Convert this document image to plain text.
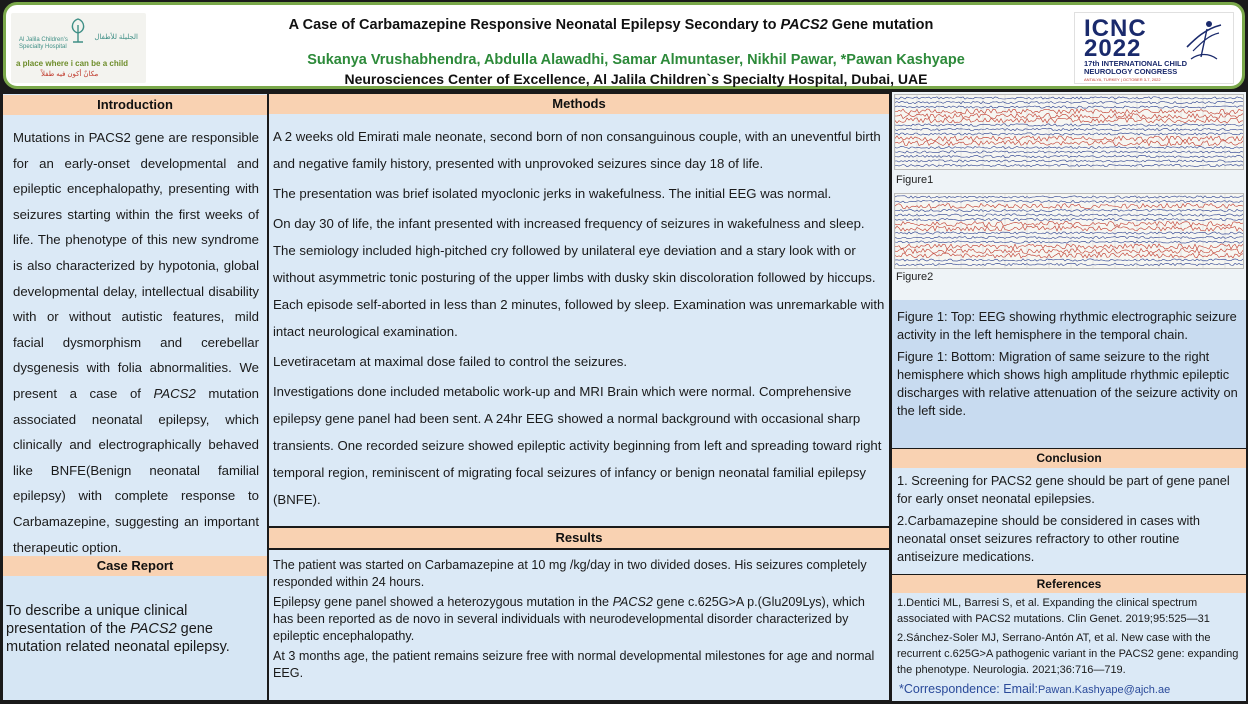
الجليلة للأطفال
Al Jalila Children's Specialty Hospital
a place where i can be a child
مكانٌ أكون فيه طفلاً
A Case of Carbamazepine Responsive Neonatal Epilepsy Secondary to PACS2 Gene mutation
Sukanya Vrushabhendra, Abdulla Alawadhi, Samar Almuntaser, Nikhil Pawar, *Pawan Kashyape
Neurosciences Center of Excellence, Al Jalila Children`s Specialty Hospital, Dubai, UAE
ICNC
2022
17th INTERNATIONAL CHILD NEUROLOGY CONGRESS
ANTALYA, TURKEY | OCTOBER 3-7, 2022
Introduction
Mutations in PACS2 gene are responsible for an early-onset developmental and epileptic encephalopathy, presenting with seizures starting within the first weeks of life. The phenotype of this new syndrome is also characterized by hypotonia, global developmental delay, intellectual disability with or without autistic features, mild facial dysmorphism and cerebellar dysgenesis with folia abnormalities. We present a case of PACS2 mutation associated neonatal epilepsy, which clinically and electrographically behaved like BNFE(Benign neonatal familial epilepsy) with complete response to Carbamazepine, suggesting an important therapeutic option.
Case Report
To describe a unique clinical presentation of the PACS2 gene mutation related neonatal epilepsy.
Methods

A 2 weeks old Emirati male neonate, second born of non consanguinous couple, with an uneventful birth and negative family history, presented with unprovoked seizures since day 18 of life.

The presentation was brief isolated myoclonic jerks in wakefulness. The initial EEG was normal.

On day 30 of life, the infant presented with increased frequency of seizures in wakefulness and sleep. The semiology included high-pitched cry followed by unilateral eye deviation and a stary look with or without asymmetric tonic posturing of the upper limbs with dusky skin discoloration followed by hiccups. Each episode self-aborted in less than 2 minutes, followed by sleep. Examination was unremarkable with intact neurological examination.

Levetiracetam at maximal dose failed to control the seizures.

Investigations done included metabolic work-up and MRI Brain which were normal. Comprehensive epilepsy gene panel had been sent. A 24hr EEG showed a normal background with occasional sharp transients. One recorded seizure showed epileptic activity beginning from left and spreading toward right temporal region, reminiscent of migrating focal seizures of infancy or benign neonatal familial epilepsy (BNFE).

Results

The patient was started on Carbamazepine at 10 mg /kg/day in two divided doses. His seizures completely responded within 24 hours.

Epilepsy gene panel showed a heterozygous mutation in the PACS2 gene c.625G>A p.(Glu209Lys), which has been reported as de novo in several individuals with neurodevelopmental disorder characterized by epileptic encephalopathy.

At 3 months age, the patient remains seizure free with normal developmental milestones for age and normal EEG.

Figure1
Figure2

Figure 1: Top: EEG showing rhythmic electrographic seizure activity in the left hemisphere in the temporal chain.

Figure 1: Bottom: Migration of same seizure to the right hemisphere which shows high amplitude rhythmic epileptic discharges with relative attenuation of the seizure activity on the left side.

Conclusion

1. Screening for PACS2 gene should be part of gene panel for early onset neonatal epilepsies.

2.Carbamazepine should be considered in cases with neonatal onset seizures refractory to other routine antiseizure medications.

References

1.Dentici ML, Barresi S, et al. Expanding the clinical spectrum associated with PACS2 mutations. Clin Genet. 2019;95:525—31

2.Sánchez-Soler MJ, Serrano-Antón AT, et al. New case with the recurrent c.625G>A pathogenic variant in the PACS2 gene: expanding the phenotype. Neurologia. 2021;36:716—719.

*Correspondence: Email:Pawan.Kashyape@ajch.ae
